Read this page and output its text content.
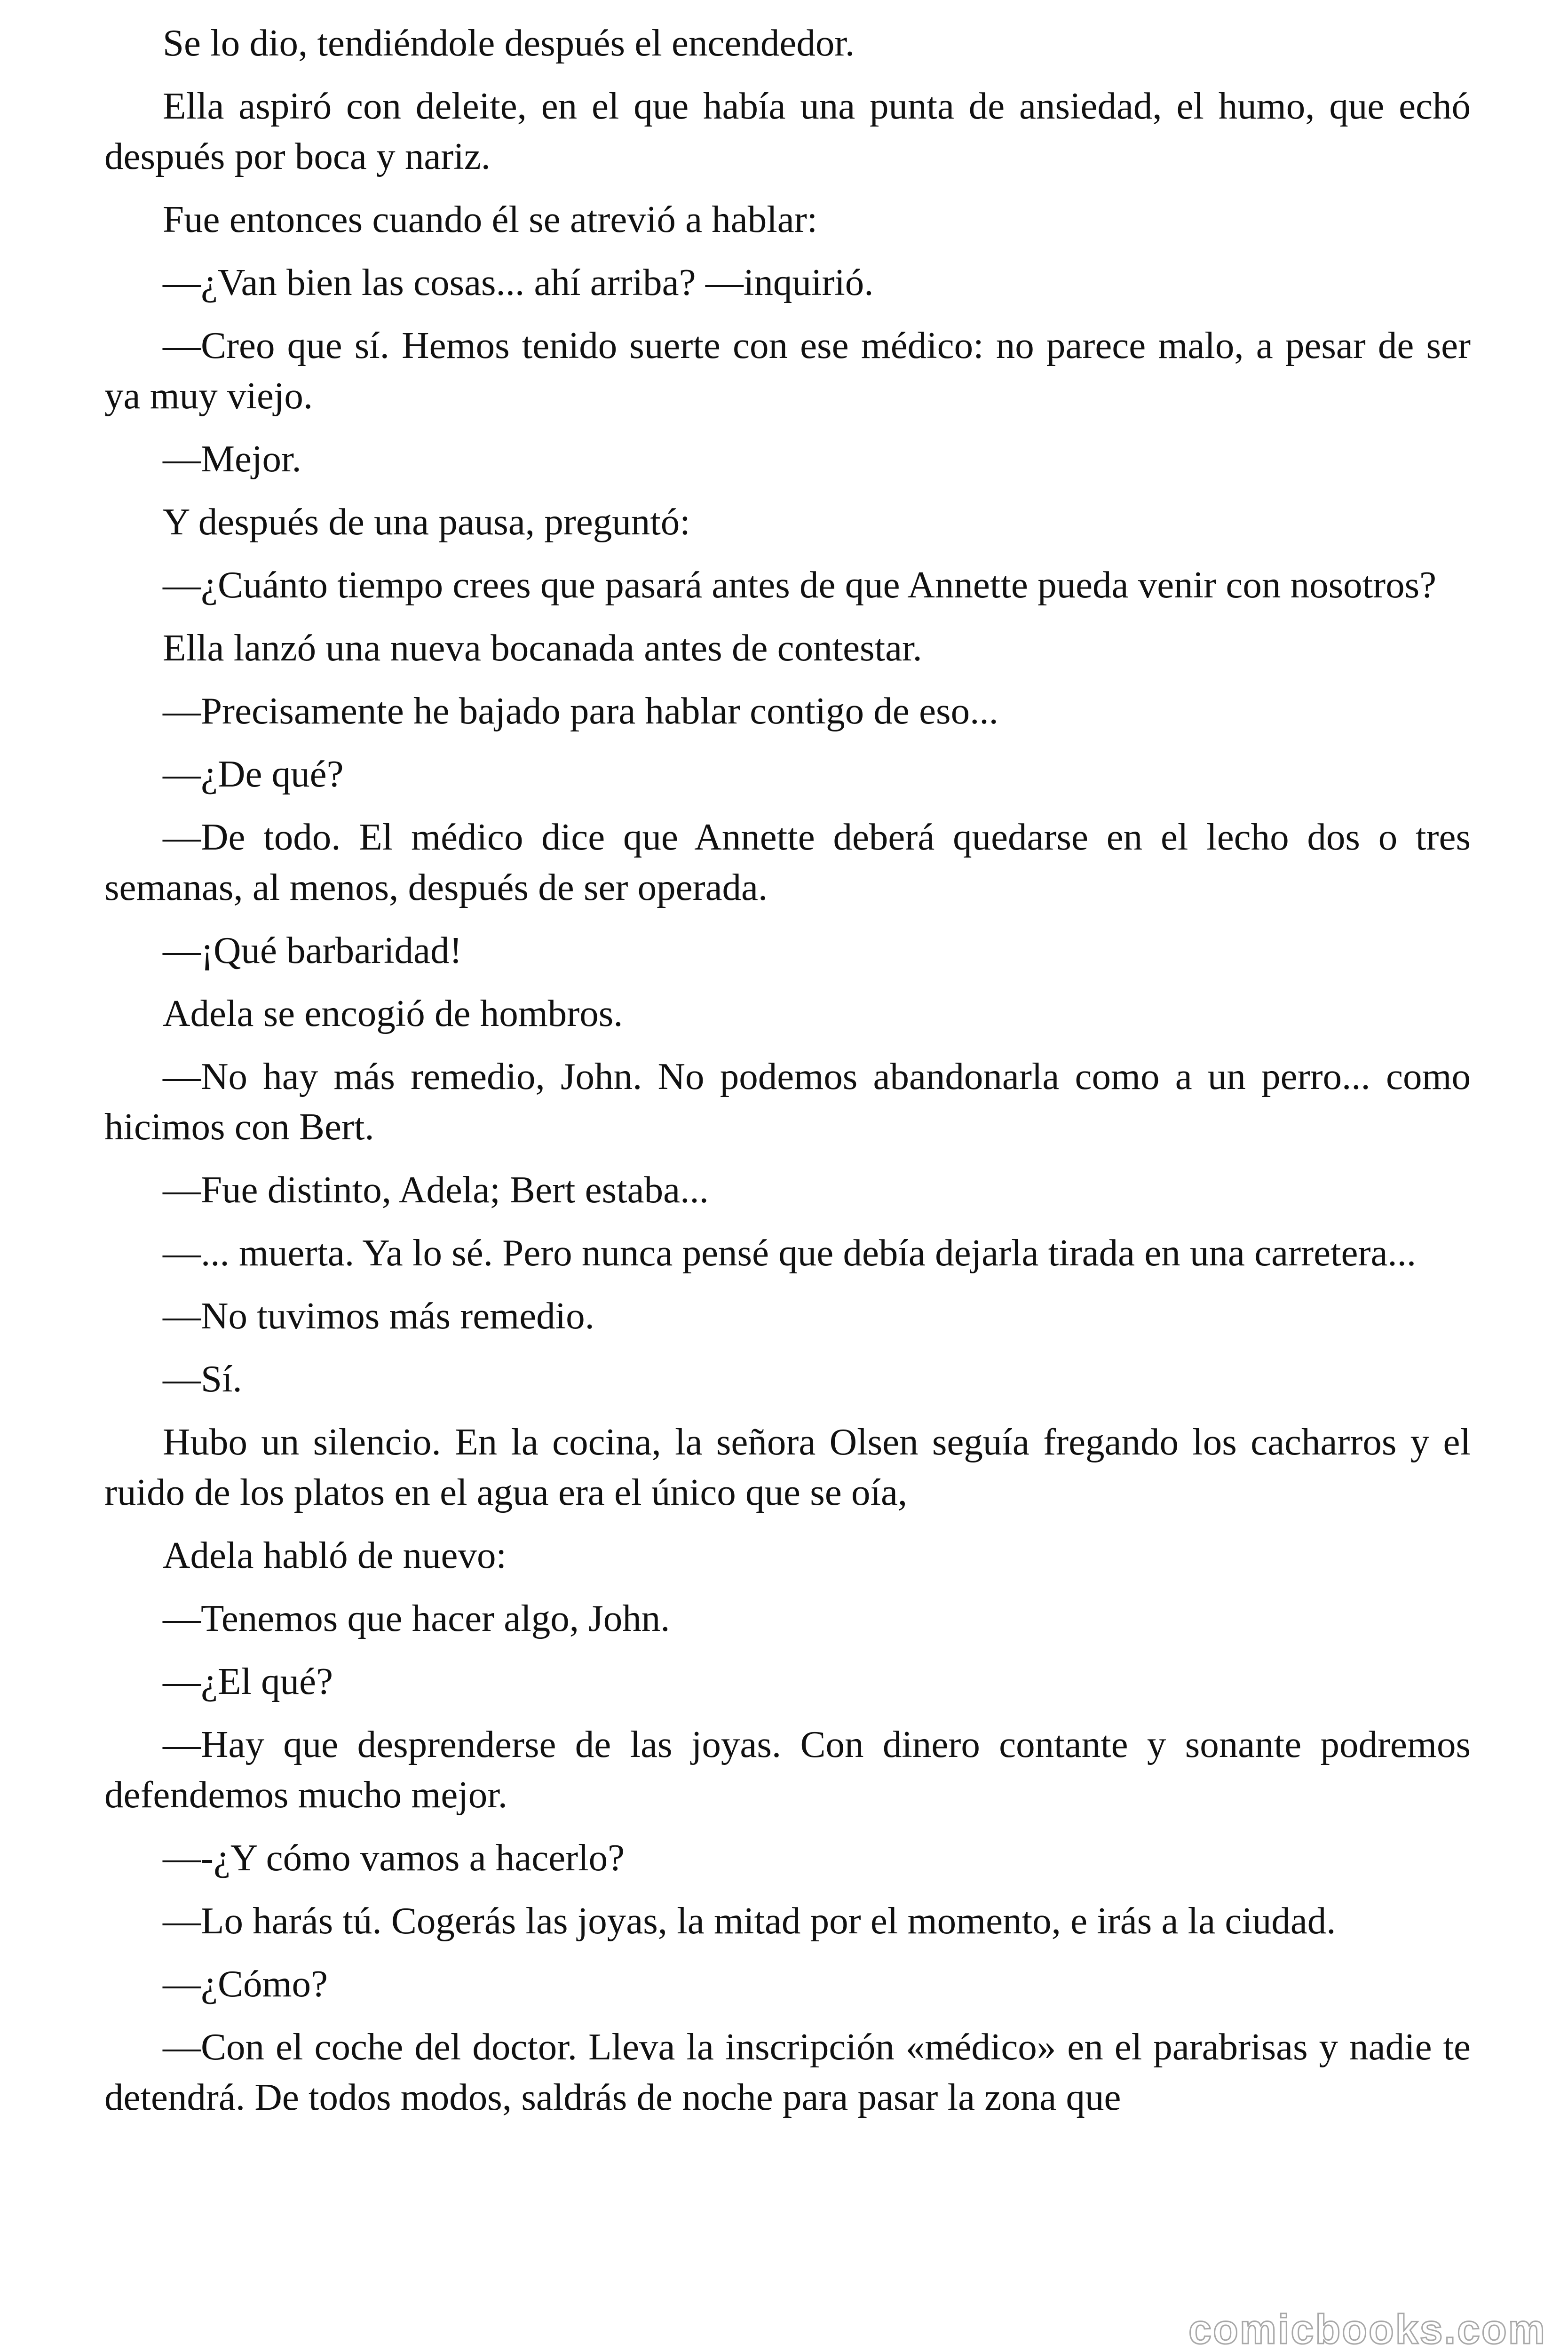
Se lo dio, tendiéndole después el encendedor.

Ella aspiró con deleite, en el que había una punta de ansiedad, el humo, que echó después por boca y nariz.

Fue entonces cuando él se atrevió a hablar:

—¿Van bien las cosas... ahí arriba? —inquirió.

—Creo que sí. Hemos tenido suerte con ese médico: no parece malo, a pesar de ser ya muy viejo.

—Mejor.

Y después de una pausa, preguntó:

—¿Cuánto tiempo crees que pasará antes de que Annette pueda venir con nosotros?

Ella lanzó una nueva bocanada antes de contestar.

—Precisamente he bajado para hablar contigo de eso...

—¿De qué?

—De todo. El médico dice que Annette deberá quedarse en el lecho dos o tres semanas, al menos, después de ser operada.

—¡Qué barbaridad!

Adela se encogió de hombros.

—No hay más remedio, John. No podemos abandonarla como a un perro... como hicimos con Bert.

—Fue distinto, Adela; Bert estaba...

—... muerta. Ya lo sé. Pero nunca pensé que debía dejarla tirada en una carretera...

—No tuvimos más remedio.

—Sí.

Hubo un silencio. En la cocina, la señora Olsen seguía fregando los cacharros y el ruido de los platos en el agua era el único que se oía,

Adela habló de nuevo:

—Tenemos que hacer algo, John.

—¿El qué?

—Hay que desprenderse de las joyas. Con dinero contante y sonante podremos defendemos mucho mejor.

—-¿Y cómo vamos a hacerlo?

—Lo harás tú. Cogerás las joyas, la mitad por el momento, e irás a la ciudad.

—¿Cómo?

—Con el coche del doctor. Lleva la inscripción «médico» en el parabrisas y nadie te detendrá. De todos modos, saldrás de noche para pasar la zona que

comicbooks.com
